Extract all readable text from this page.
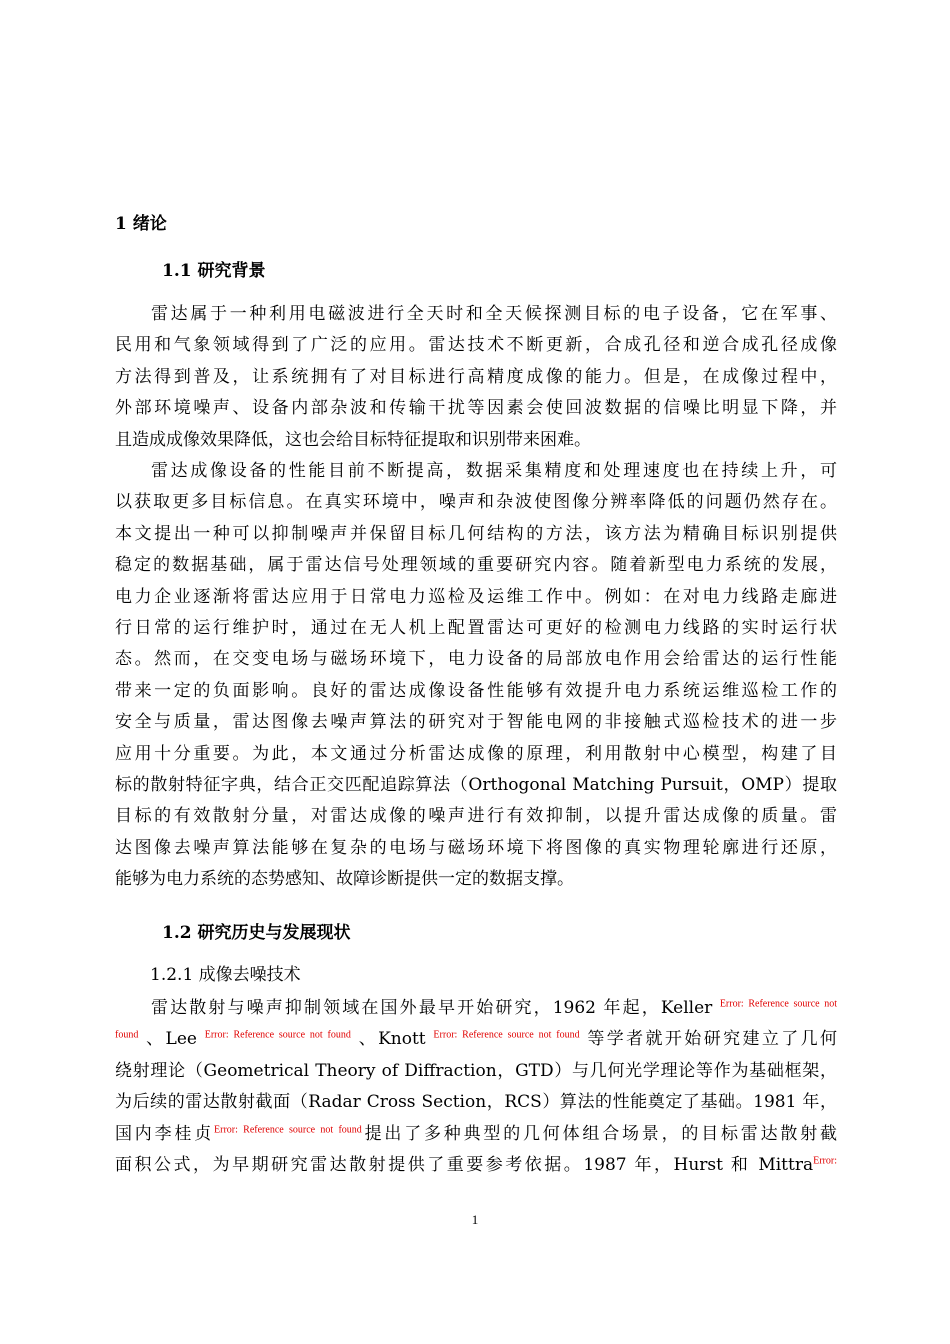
1 绪论
1.1 研究背景
雷达属于一种利用电磁波进行全天时和全天候探测目标的电子设备，它在军事、
民用和气象领域得到了广泛的应用。雷达技术不断更新，合成孔径和逆合成孔径成像
方法得到普及，让系统拥有了对目标进行高精度成像的能力。但是，在成像过程中，
外部环境噪声、设备内部杂波和传输干扰等因素会使回波数据的信噪比明显下降，并
且造成成像效果降低，这也会给目标特征提取和识别带来困难。
雷达成像设备的性能目前不断提高，数据采集精度和处理速度也在持续上升，可
以获取更多目标信息。在真实环境中，噪声和杂波使图像分辨率降低的问题仍然存在。
本文提出一种可以抑制噪声并保留目标几何结构的方法，该方法为精确目标识别提供
稳定的数据基础，属于雷达信号处理领域的重要研究内容。随着新型电力系统的发展，
电力企业逐渐将雷达应用于日常电力巡检及运维工作中。例如：在对电力线路走廊进
行日常的运行维护时，通过在无人机上配置雷达可更好的检测电力线路的实时运行状
态。然而，在交变电场与磁场环境下，电力设备的局部放电作用会给雷达的运行性能
带来一定的负面影响。良好的雷达成像设备性能够有效提升电力系统运维巡检工作的
安全与质量，雷达图像去噪声算法的研究对于智能电网的非接触式巡检技术的进一步
应用十分重要。为此，本文通过分析雷达成像的原理，利用散射中心模型，构建了目
标的散射特征字典，结合正交匹配追踪算法（Orthogonal Matching Pursuit，OMP）提取
目标的有效散射分量，对雷达成像的噪声进行有效抑制，以提升雷达成像的质量。雷
达图像去噪声算法能够在复杂的电场与磁场环境下将图像的真实物理轮廓进行还原，
能够为电力系统的态势感知、故障诊断提供一定的数据支撑。
1.2 研究历史与发展现状
1.2.1 成像去噪技术
雷达散射与噪声抑制领域在国外最早开始研究，1962 年起，Keller $^{Error: Reference source not}$
$^{found}$ 、Lee $^{Error: Reference source not found}$ 、Knott $^{Error: Reference source not found}$ 等学者就开始研究建立了几何
绕射理论（Geometrical Theory of Diffraction，GTD）与几何光学理论等作为基础框架，
为后续的雷达散射截面（Radar Cross Section，RCS）算法的性能奠定了基础。1981 年，
国内李桂贞$^{Error: Reference source not found}$提出了多种典型的几何体组合场景，的目标雷达散射截
面积公式，为早期研究雷达散射提供了重要参考依据。1987 年，Hurst 和 Mittra$^{Error:}$
1
